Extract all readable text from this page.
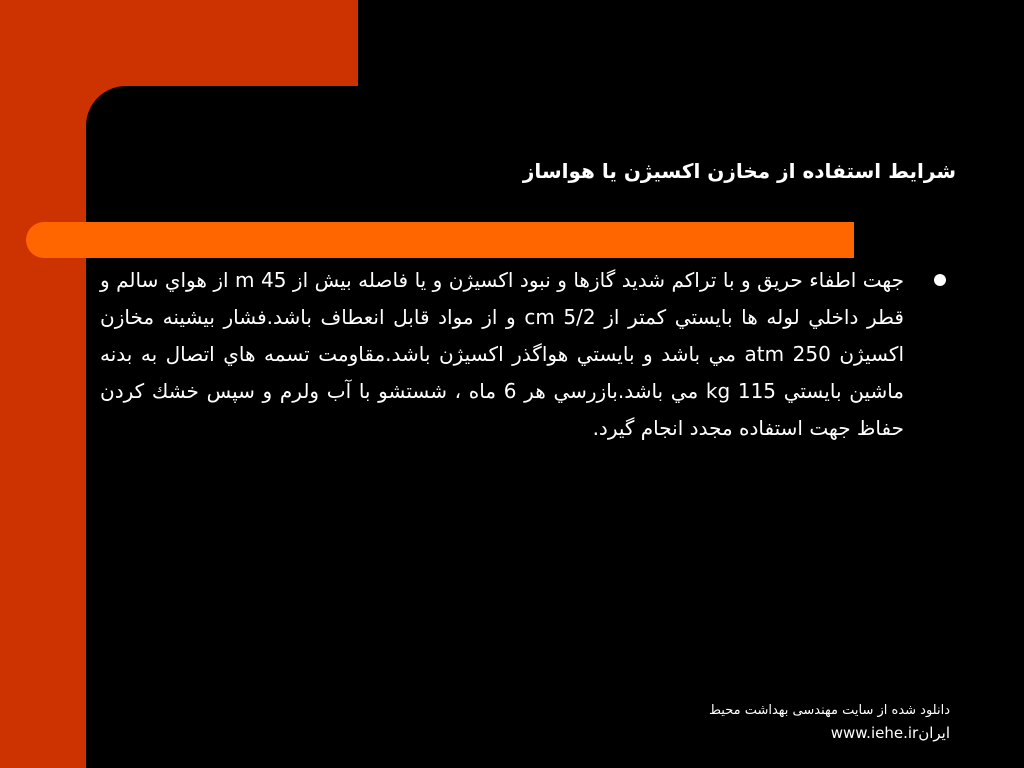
شرايط استفاده از مخازن اکسيژن يا هواساز
جهت اطفاء حريق و با تراکم شديد گازها و نبود اکسيژن و يا فاصله بيش از 45 m از هواي سالم و قطر داخلي لوله ها بايستي کمتر از 5/2 cm و از مواد قابل انعطاف باشد.فشار بيشينه مخازن اکسيژن 250 atm مي باشد و بايستي هواگذر اکسيژن باشد.مقاومت تسمه هاي اتصال به بدنه ماشين بايستي 115 kg مي باشد.بازرسي هر 6 ماه ، شستشو با آب ولرم و سپس خشك كردن حفاظ جهت استفاده مجدد انجام گيرد.
دانلود شده از سایت مهندسی بهداشت محیط
ایرانwww.iehe.ir
